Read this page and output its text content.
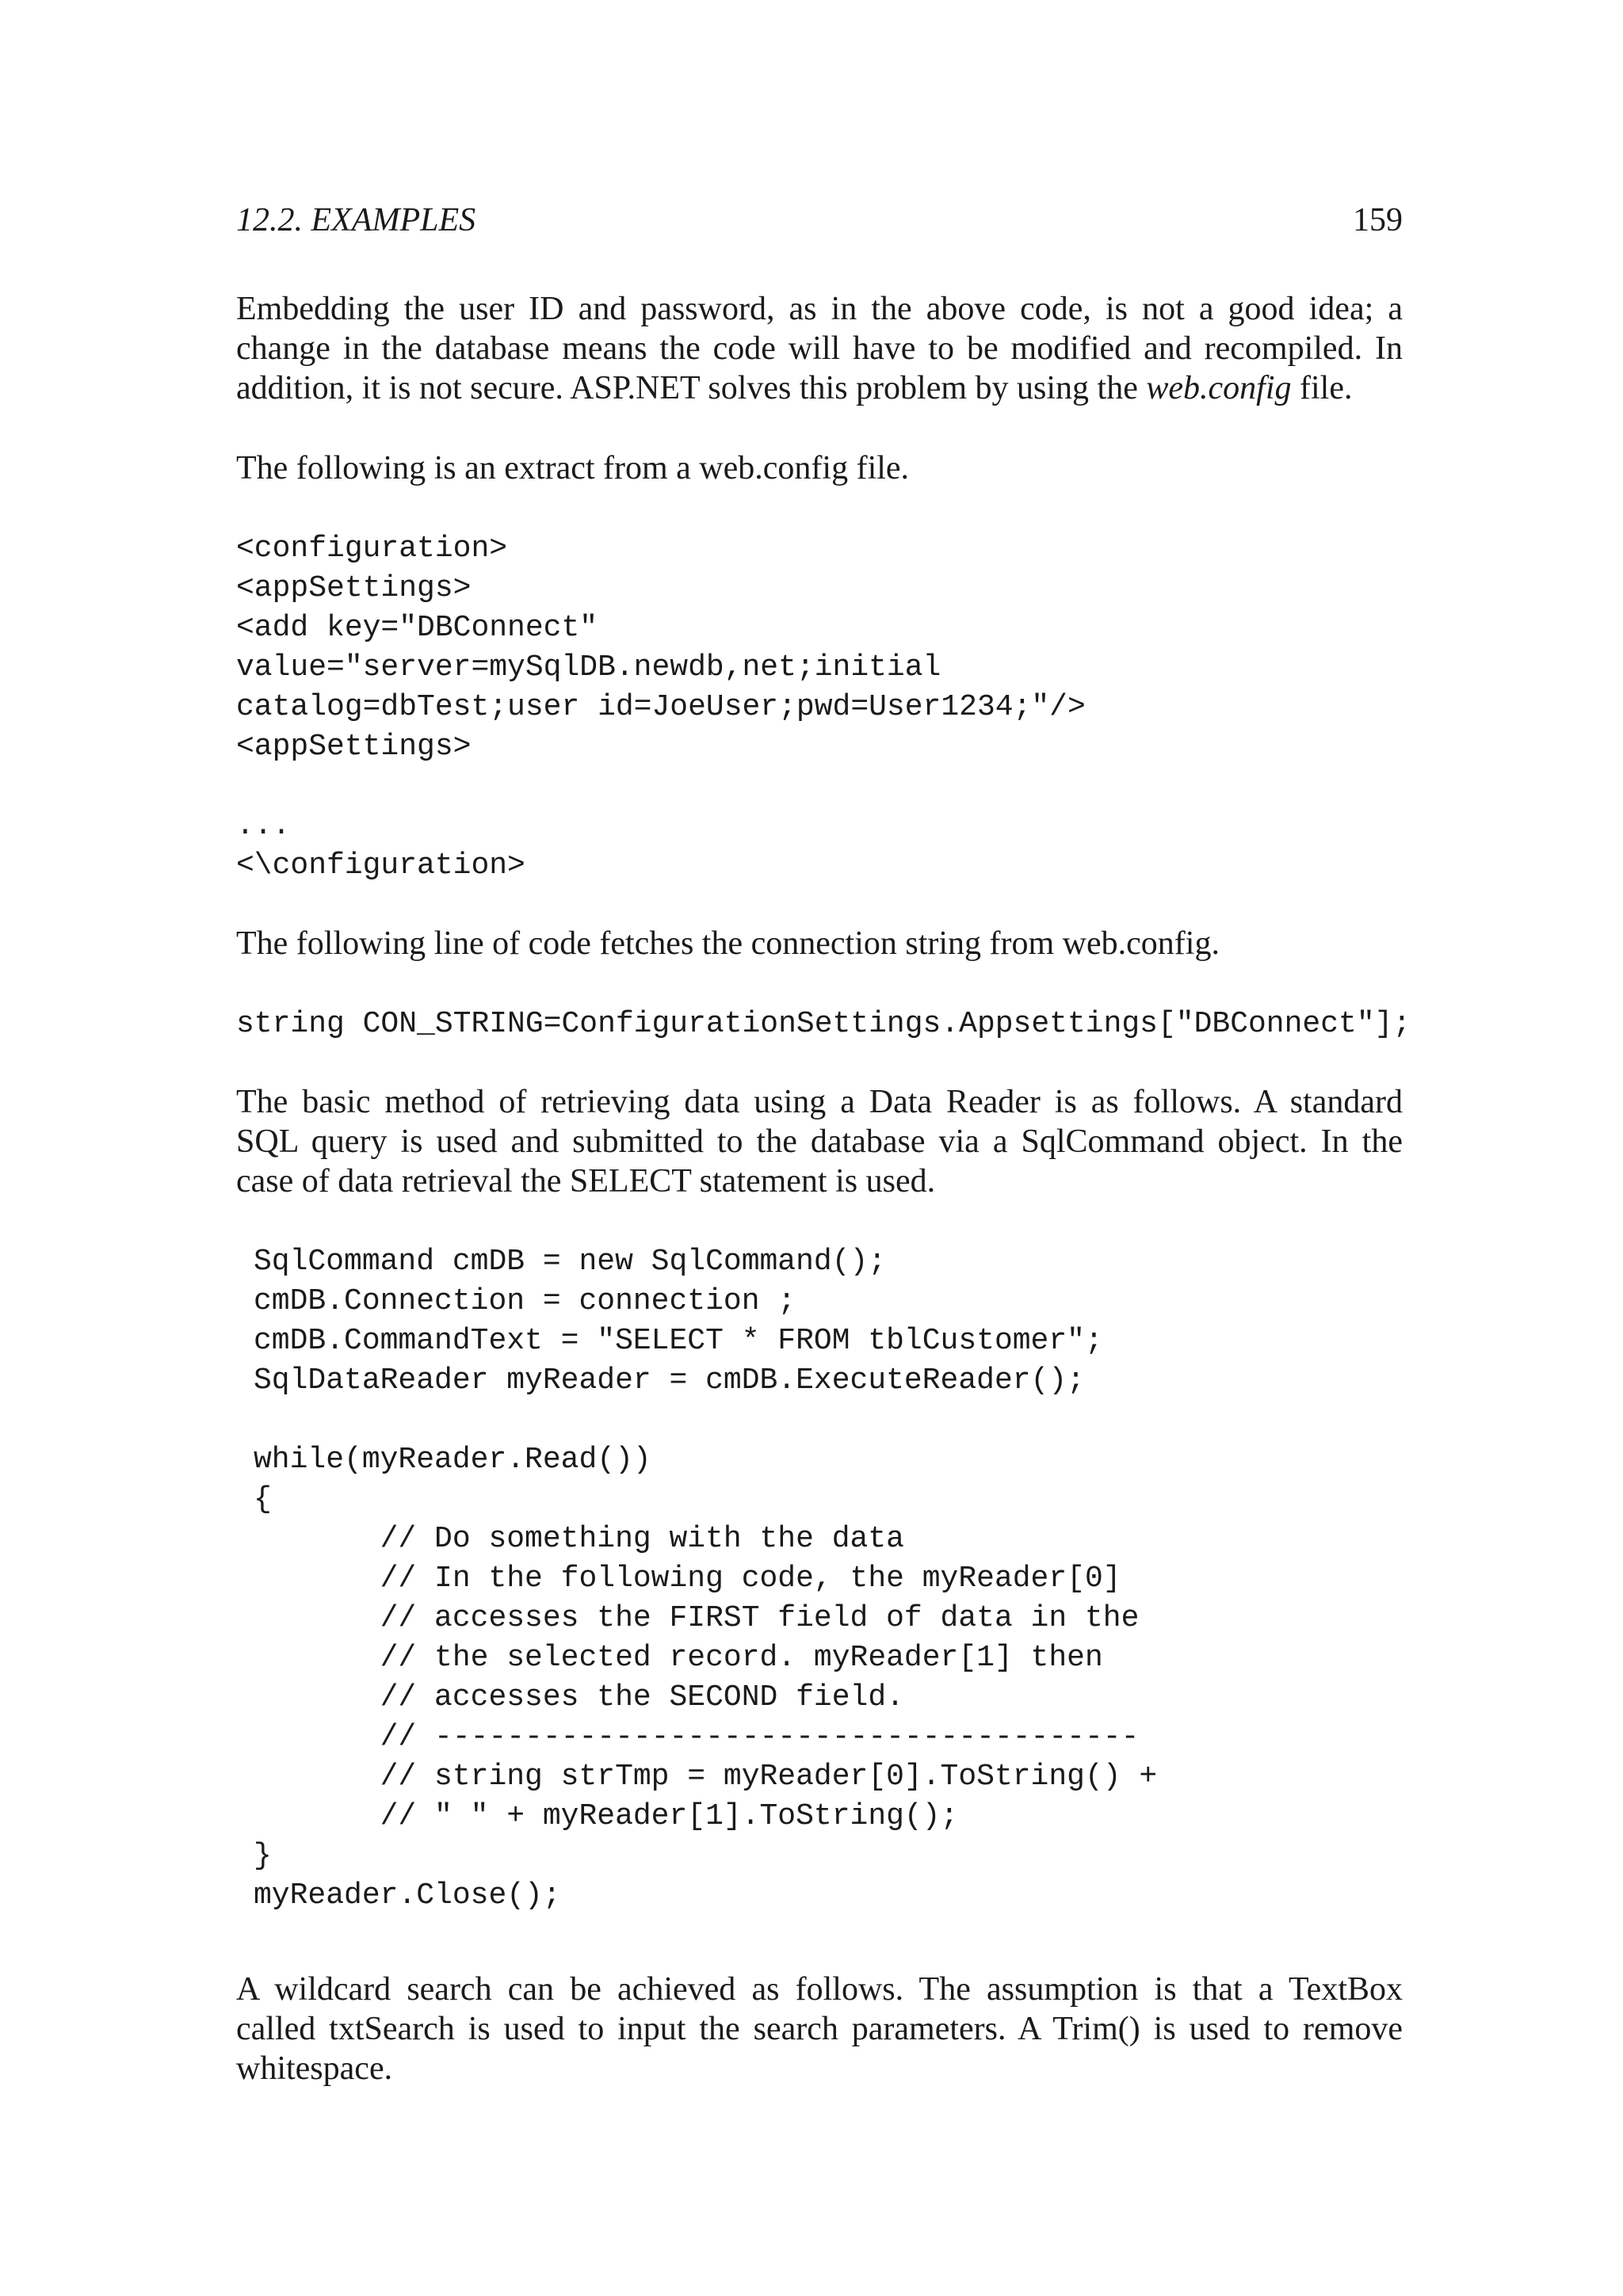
12.2. EXAMPLES	159
Embedding the user ID and password, as in the above code, is not a good idea; a
change in the database means the code will have to be modified and recompiled. In
addition, it is not secure. ASP.NET solves this problem by using the web.config file.
The following is an extract from a web.config file.
<configuration>
<appSettings>
<add key="DBConnect"
value="server=mySqlDB.newdb,net;initial
catalog=dbTest;user id=JoeUser;pwd=User1234;"/>
<appSettings>
...
<\configuration>
The following line of code fetches the connection string from web.config.
string CON_STRING=ConfigurationSettings.Appsettings["DBConnect"];
The basic method of retrieving data using a Data Reader is as follows. A standard
SQL query is used and submitted to the database via a SqlCommand object. In the
case of data retrieval the SELECT statement is used.
SqlCommand cmDB = new SqlCommand();
cmDB.Connection = connection ;
cmDB.CommandText = "SELECT * FROM tblCustomer";
SqlDataReader myReader = cmDB.ExecuteReader();
while(myReader.Read())
{
// Do something with the data
// In the following code, the myReader[0]
// accesses the FIRST field of data in the
// the selected record. myReader[1] then
// accesses the SECOND field.
// ---------------------------------------
// string strTmp = myReader[0].ToString() +
// " " + myReader[1].ToString();
}
myReader.Close();
A wildcard search can be achieved as follows. The assumption is that a TextBox
called txtSearch is used to input the search parameters. A Trim() is used to remove
whitespace.
